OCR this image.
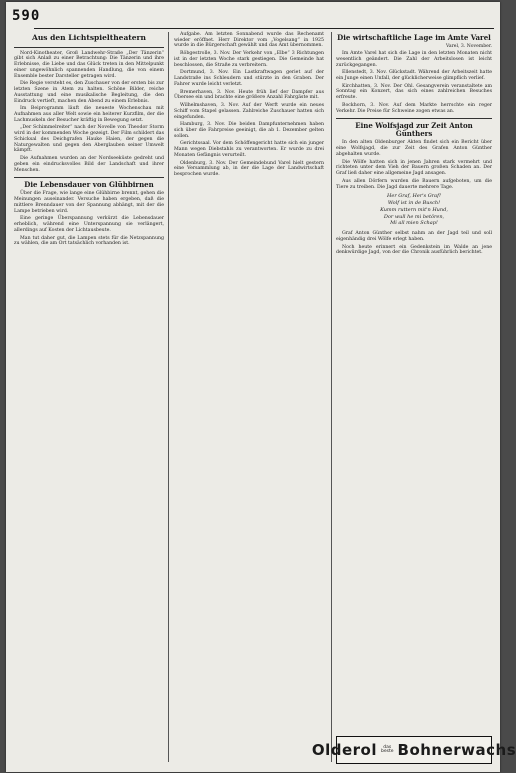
590
Aus den Lichtspieltheatern

Nord-Kinotheater, Groß Landwehr-Straße „Der Tänzerin“ gibt sich Anlaß zu einer Betrachtung: Die Tänzerin und ihre Erlebnisse, die Liebe und das Glück treten in den Mittelpunkt einer ungewöhnlich spannenden Handlung, die von einem Ensemble bester Darsteller getragen wird.

Die Regie versteht es, den Zuschauer von der ersten bis zur letzten Szene in Atem zu halten. Schöne Bilder, reiche Ausstattung und eine musikalische Begleitung, die den Eindruck vertieft, machen den Abend zu einem Erlebnis.

Im Beiprogramm läuft die neueste Wochenschau mit Aufnahmen aus aller Welt sowie ein heiterer Kurzfilm, der die Lachmuskeln der Besucher kräftig in Bewegung setzt.

„Der Schimmelreiter“ nach der Novelle von Theodor Storm wird in der kommenden Woche gezeigt. Der Film schildert das Schicksal des Deichgrafen Hauke Haien, der gegen die Naturgewalten und gegen den Aberglauben seiner Umwelt kämpft.

Die Aufnahmen wurden an der Nordseeküste gedreht und geben ein eindrucksvolles Bild der Landschaft und ihrer Menschen.

Die Lebensdauer von Glühbirnen

Über die Frage, wie lange eine Glühbirne brennt, gehen die Meinungen auseinander. Versuche haben ergeben, daß die mittlere Brenndauer von der Spannung abhängt, mit der die Lampe betrieben wird.

Eine geringe Überspannung verkürzt die Lebensdauer erheblich, während eine Unterspannung sie verlängert, allerdings auf Kosten der Lichtausbeute.

Man tut daher gut, die Lampen stets für die Netzspannung zu wählen, die am Ort tatsächlich vorhanden ist.

Aufgabe. Am letzten Sonnabend wurde das Rechenamt wieder eröffnet. Herr Direktor vom „Vogelsang“ in 1925 wurde in die Bürgerschaft gewählt und das Amt übernommen.

Röbgestrolle, 3. Nov. Der Verkehr von „Elbe“ 3 Richtungen ist in der letzten Woche stark gestiegen. Die Gemeinde hat beschlossen, die Straße zu verbreitern.

Dortmund, 3. Nov. Ein Lastkraftwagen geriet auf der Landstraße ins Schleudern und stürzte in den Graben. Der Fahrer wurde leicht verletzt.

Bremerhaven, 3. Nov. Heute früh lief der Dampfer aus Übersee ein und brachte eine größere Anzahl Fahrgäste mit.

Wilhelmshaven, 3. Nov. Auf der Werft wurde ein neues Schiff vom Stapel gelassen. Zahlreiche Zuschauer hatten sich eingefunden.

Hamburg, 3. Nov. Die beiden Dampfunternehmen haben sich über die Fahrpreise geeinigt, die ab 1. Dezember gelten sollen.

Gerichtssaal. Vor dem Schöffengericht hatte sich ein junger Mann wegen Diebstahls zu verantworten. Er wurde zu drei Monaten Gefängnis verurteilt.

Oldenburg, 3. Nov. Der Gemeindebund Varel hielt gestern eine Versammlung ab, in der die Lage der Landwirtschaft besprochen wurde.

Die wirtschaftliche Lage im Amte Varel
Varel, 3. November.

Im Amte Varel hat sich die Lage in den letzten Monaten nicht wesentlich geändert. Die Zahl der Arbeitslosen ist leicht zurückgegangen.

Ellenstedt, 3. Nov. Glückstadt. Während der Arbeitszeit hatte ein Junge einen Unfall, der glücklicherweise glimpflich verlief.

Kirchhatten, 3. Nov. Der Ohl. Gesangverein veranstaltete am Sonntag ein Konzert, das sich eines zahlreichen Besuches erfreute.

Bockhorn, 3. Nov. Auf dem Markte herrschte ein reger Verkehr. Die Preise für Schweine zogen etwas an.

Eine Wolfsjagd zur Zeit Anton Günthers

In den alten Oldenburger Akten findet sich ein Bericht über eine Wolfsjagd, die zur Zeit des Grafen Anton Günther abgehalten wurde.

Die Wölfe hatten sich in jenen Jahren stark vermehrt und richteten unter dem Vieh der Bauern großen Schaden an. Der Graf ließ daher eine allgemeine Jagd ansagen.

Aus allen Dörfern wurden die Bauern aufgeboten, um die Tiere zu treiben. Die Jagd dauerte mehrere Tage.

Her Graf, Her's Graf!
Wolf ist in de Busch!
Kumm ruttern mit'n Hund,
Dor wull he mi betören,
Mi all mien Schap!

Graf Anton Günther selbst nahm an der Jagd teil und soll eigenhändig drei Wölfe erlegt haben.

Noch heute erinnert ein Gedenkstein im Walde an jene denkwürdige Jagd, von der die Chronik ausführlich berichtet.

Olderol	das
beste Bohnerwachs
